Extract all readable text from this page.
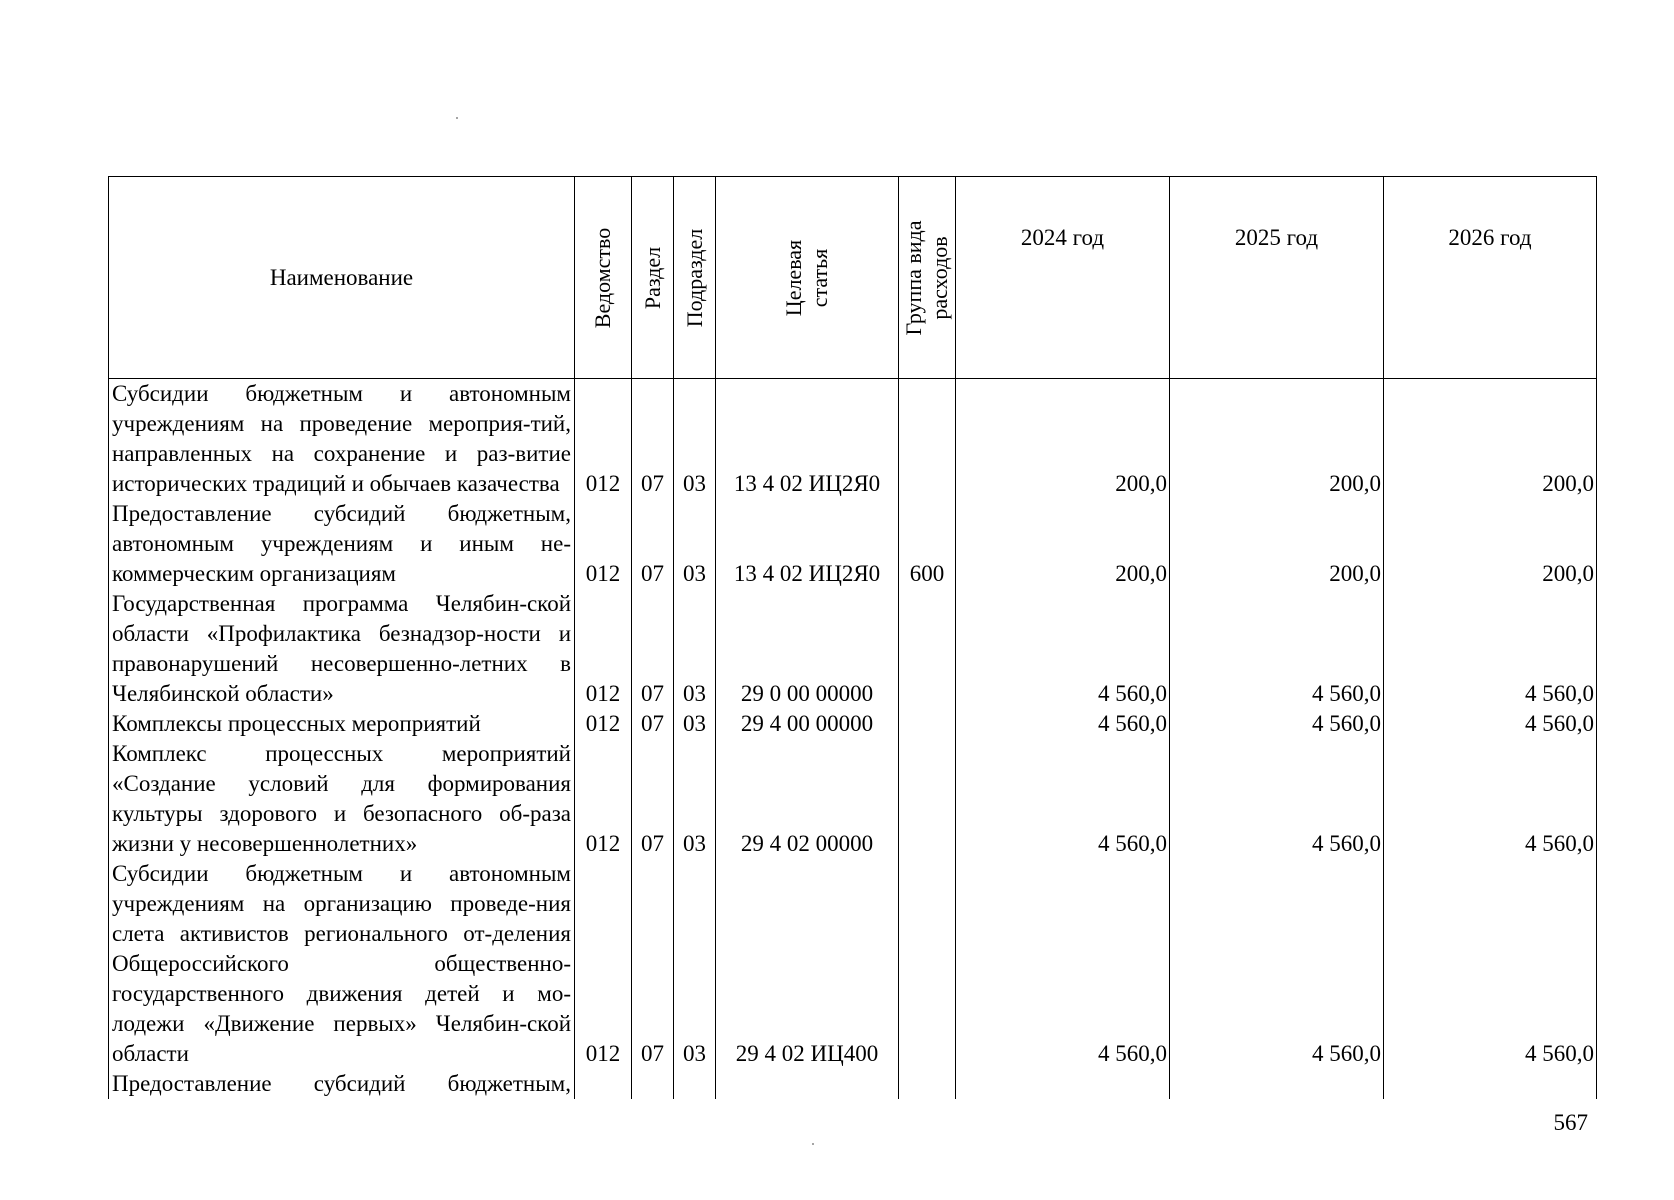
Наименование	Ведомство	Раздел	Подраздел	Целевая статья	Группа вида расходов	2024 год	2025 год	2026 год
Субсидии бюджетным и автономным учреждениям на проведение мероприя-тий, направленных на сохранение и раз-витие исторических традиций и обычаев казачества	012	07	03	13 4 02 ИЦ2Я0		200,0	200,0	200,0
Предоставление субсидий бюджетным, автономным учреждениям и иным не-коммерческим организациям	012	07	03	13 4 02 ИЦ2Я0	600	200,0	200,0	200,0
Государственная программа Челябин-ской области «Профилактика безнадзор-ности и правонарушений несовершенно-летних в Челябинской области»	012	07	03	29 0 00 00000		4 560,0	4 560,0	4 560,0
Комплексы процессных мероприятий	012	07	03	29 4 00 00000		4 560,0	4 560,0	4 560,0
Комплекс процессных мероприятий «Создание условий для формирования культуры здорового и безопасного об-раза жизни у несовершеннолетних»	012	07	03	29 4 02 00000		4 560,0	4 560,0	4 560,0
Субсидии бюджетным и автономным учреждениям на организацию проведе-ния слета активистов регионального от-деления Общероссийского общественно-государственного движения детей и мо-лодежи «Движение первых» Челябин-ской области	012	07	03	29 4 02 ИЦ400		4 560,0	4 560,0	4 560,0
Предоставление субсидий бюджетным,								
567
